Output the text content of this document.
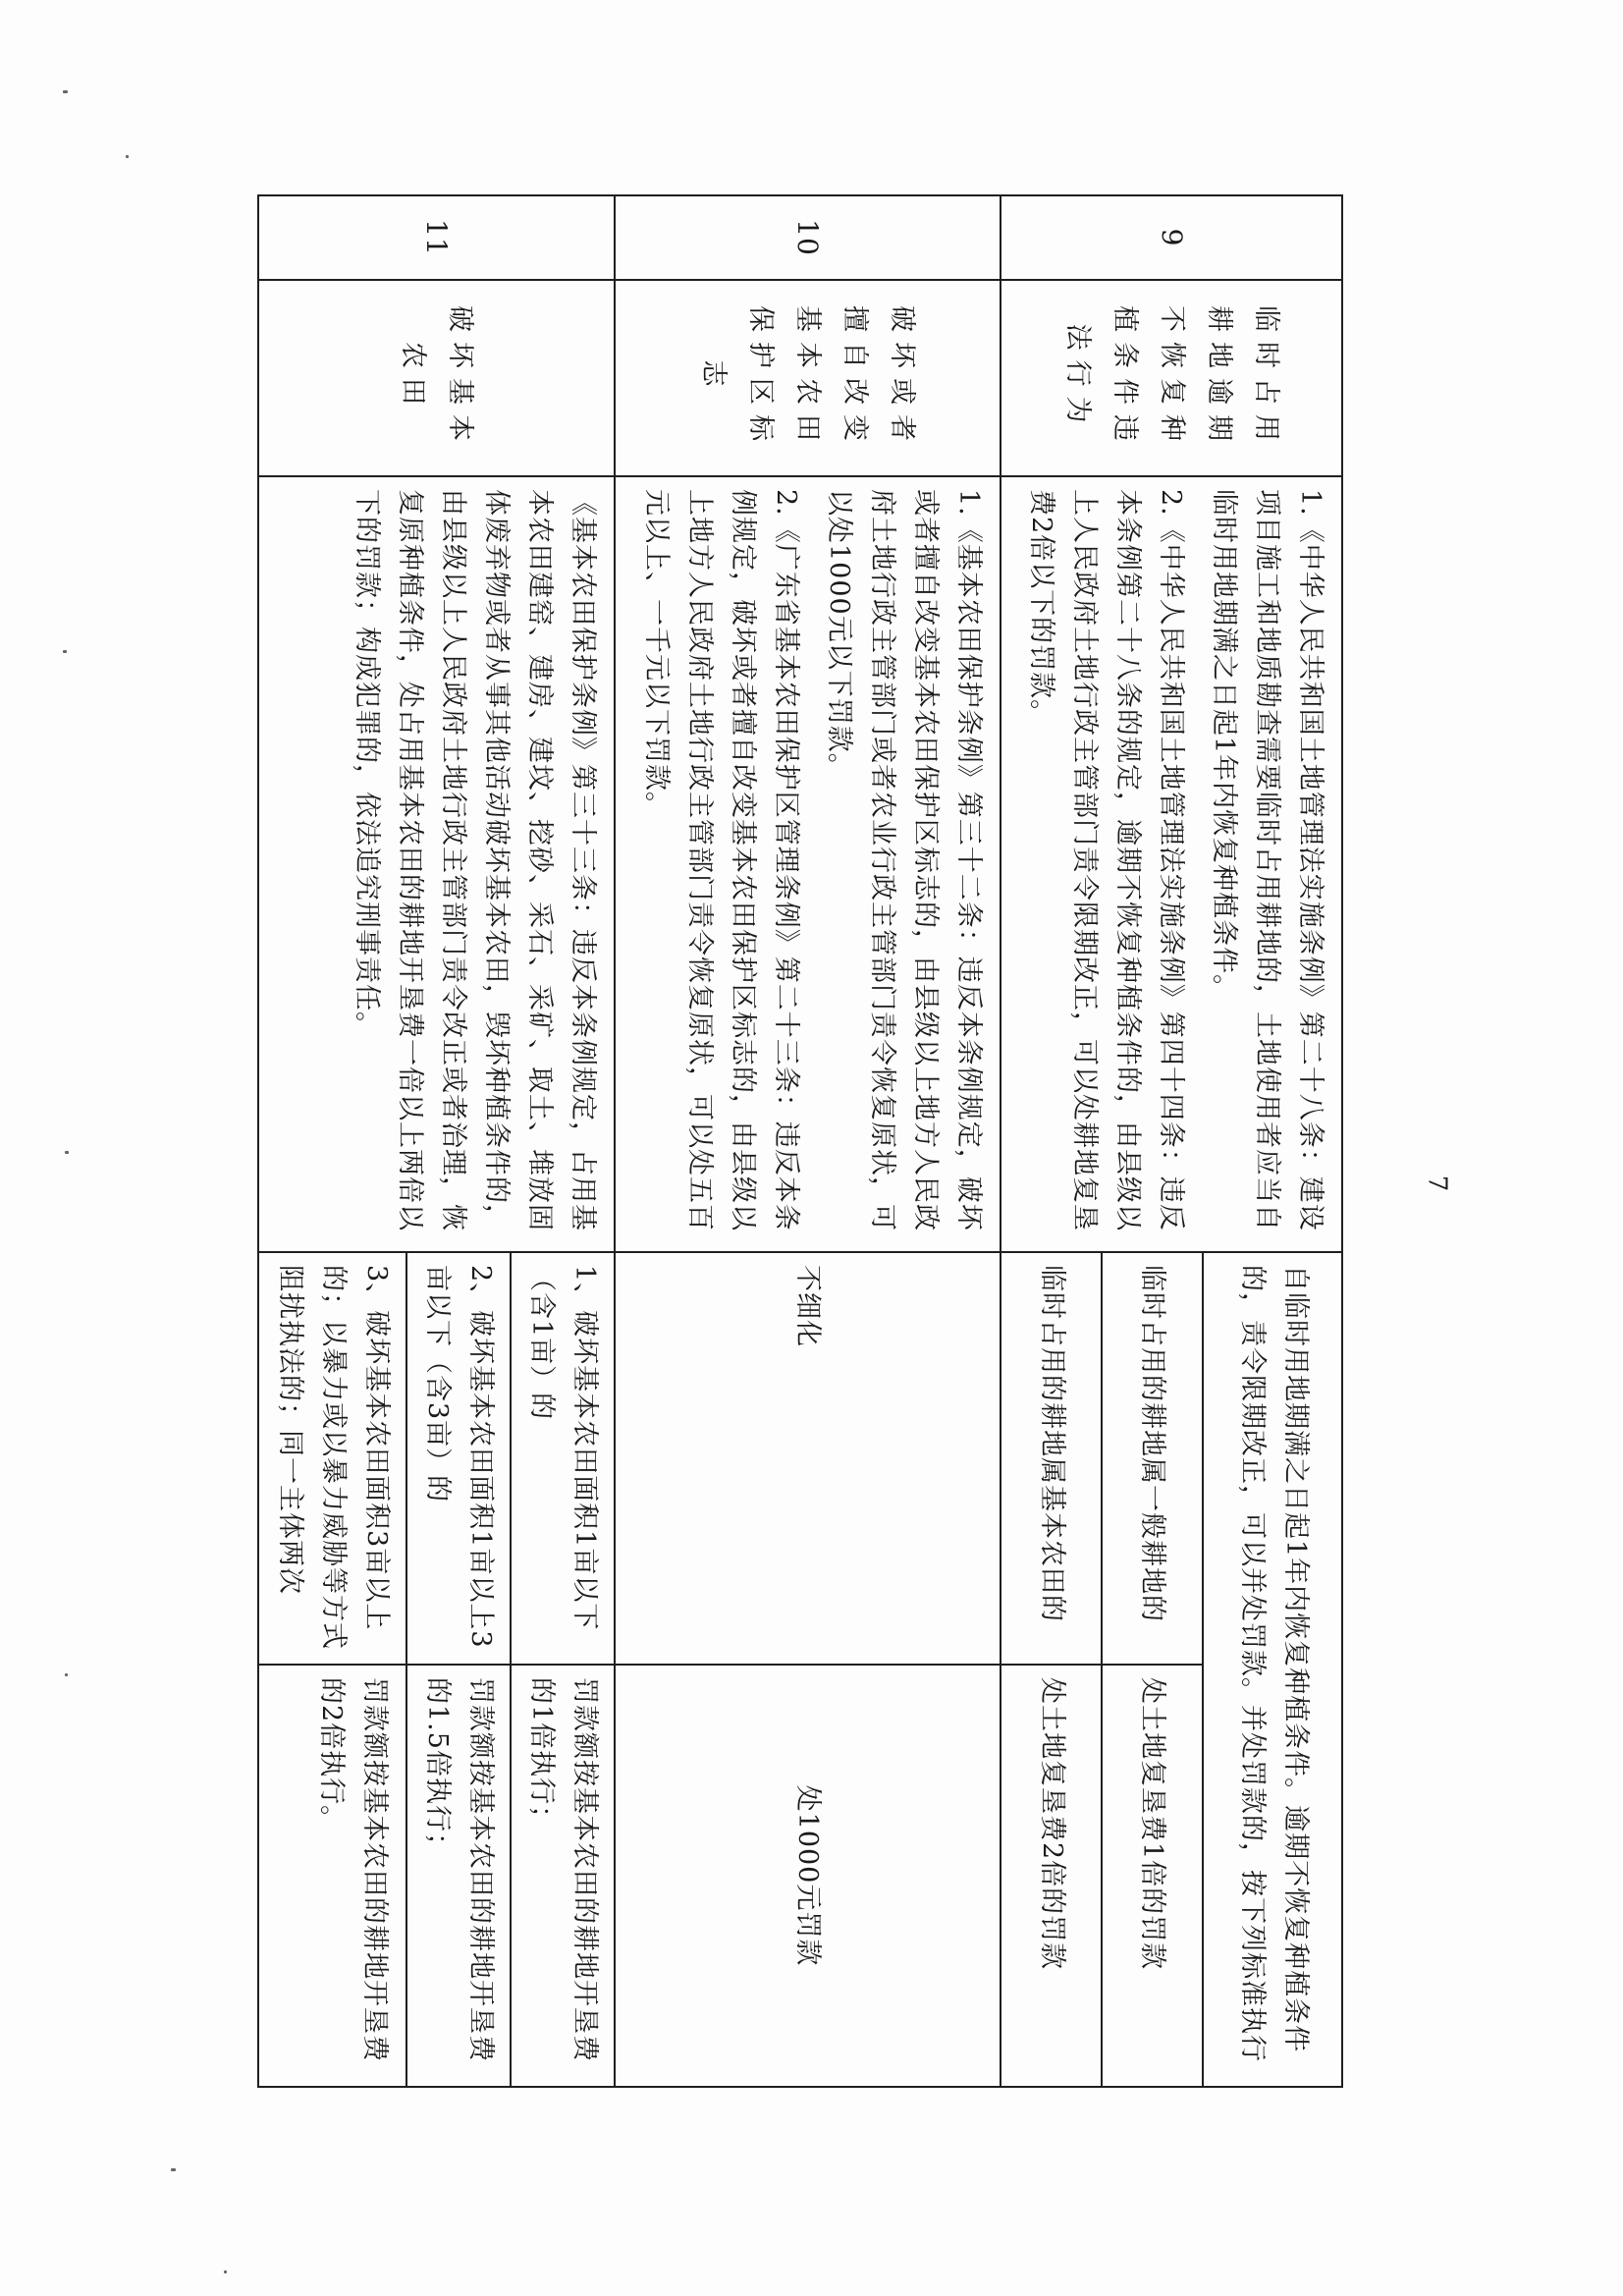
9	临时占用耕地逾期不恢复种植条件违法行为	1.《中华人民共和国土地管理法实施条例》第二十八条：建设项目施工和地质勘查需要临时占用耕地的，土地使用者应当自临时用地期满之日起1年内恢复种植条件。

2.《中华人民共和国土地管理法实施条例》第四十四条：违反本条例第二十八条的规定，逾期不恢复种植条件的，由县级以上人民政府土地行政主管部门责令限期改正，可以处耕地复垦费2倍以下的罚款。	自临时用地期满之日起1年内恢复种植条件。逾期不恢复种植条件的，责令限期改正，可以并处罚款。并处罚款的，按下列标准执行	
			临时占用的耕地属一般耕地的	处土地复垦费1倍的罚款
			临时占用的耕地属基本农田的	处土地复垦费2倍的罚款
10	破坏或者擅自改变基本农田保护区标志	1.《基本农田保护条例》第三十二条：违反本条例规定，破坏或者擅自改变基本农田保护区标志的，由县级以上地方人民政府土地行政主管部门或者农业行政主管部门责令恢复原状，可以处1000元以下罚款。

2.《广东省基本农田保护区管理条例》第二十三条：违反本条例规定，破坏或者擅自改变基本农田保护区标志的，由县级以上地方人民政府土地行政主管部门责令恢复原状，可以处五百元以上、一千元以下罚款。	不细化	处1000元罚款
11	破坏基本农田	《基本农田保护条例》第三十三条：违反本条例规定，占用基本农田建窑、建房、建坟、挖砂、采石、采矿、取土、堆放固体废弃物或者从事其他活动破坏基本农田，毁坏种植条件的，由县级以上人民政府土地行政主管部门责令改正或者治理，恢复原种植条件，处占用基本农田的耕地开垦费一倍以上两倍以下的罚款；构成犯罪的，依法追究刑事责任。	1、破坏基本农田面积1亩以下（含1亩）的	罚款额按基本农田的耕地开垦费的1倍执行；
			2、破坏基本农田面积1亩以上3亩以下（含3亩）的	罚款额按基本农田的耕地开垦费的1.5倍执行；
			3、破坏基本农田面积3亩以上的；以暴力或以暴力威胁等方式阻扰执法的；同一主体两次	罚款额按基本农田的耕地开垦费的2倍执行。
7
